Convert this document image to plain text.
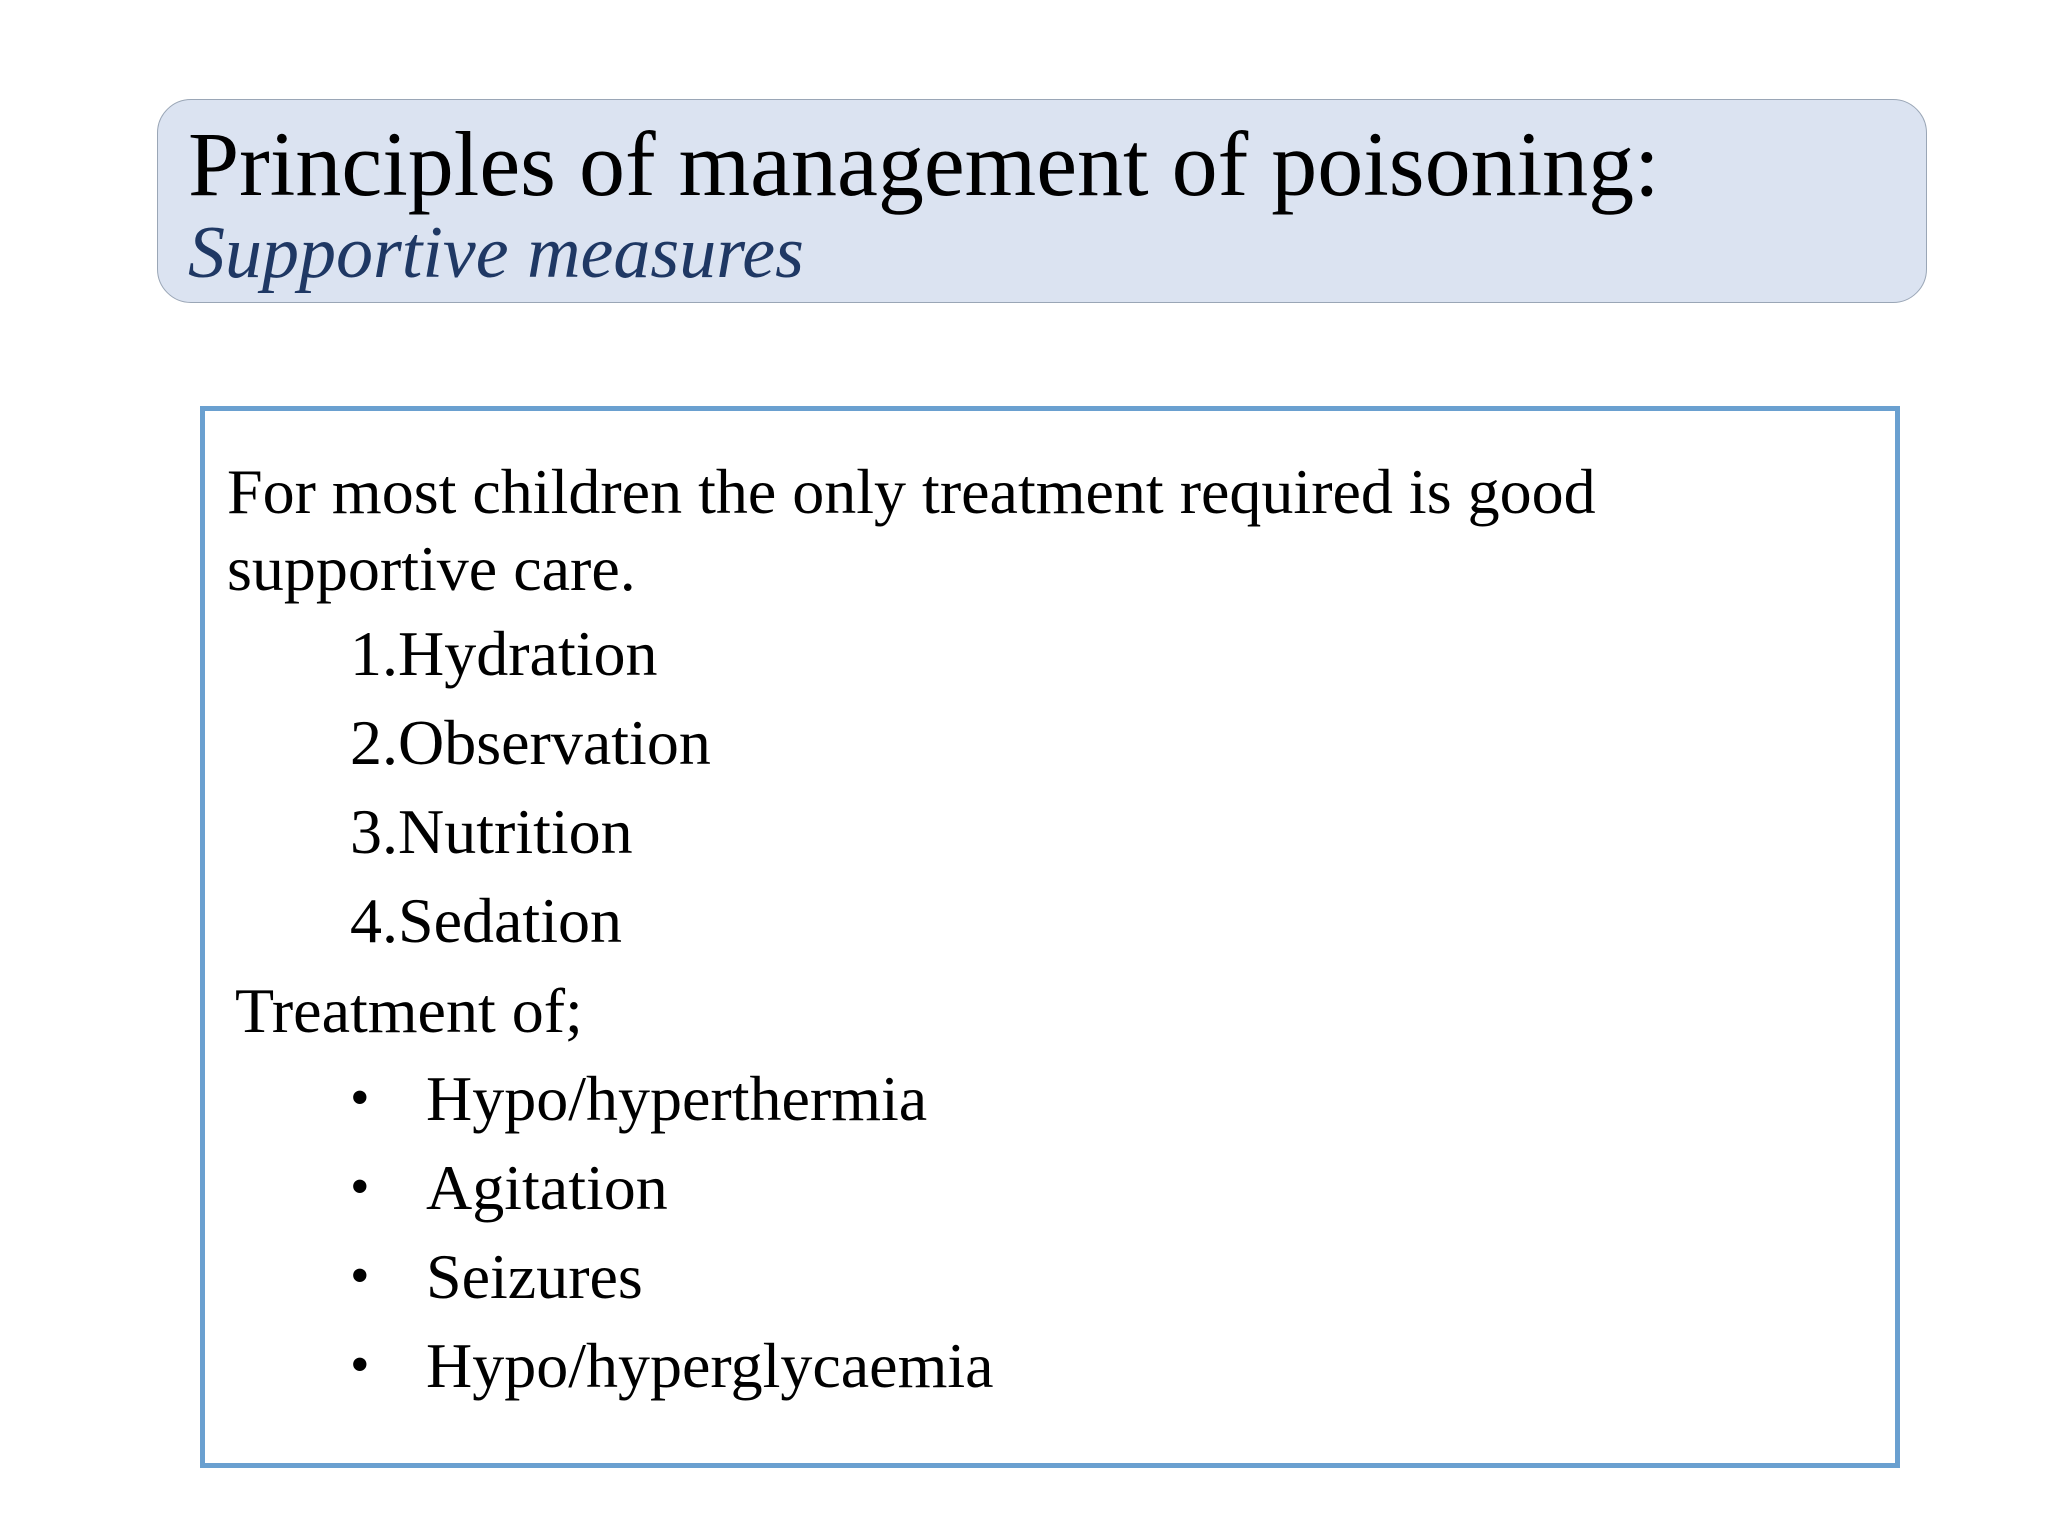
Principles of management of poisoning:
Supportive measures

For most children the only treatment required is good supportive care.

1.Hydration
2.Observation
3.Nutrition
4.Sedation
Treatment of;
• Hypo/hyperthermia
• Agitation
• Seizures
• Hypo/hyperglycaemia
